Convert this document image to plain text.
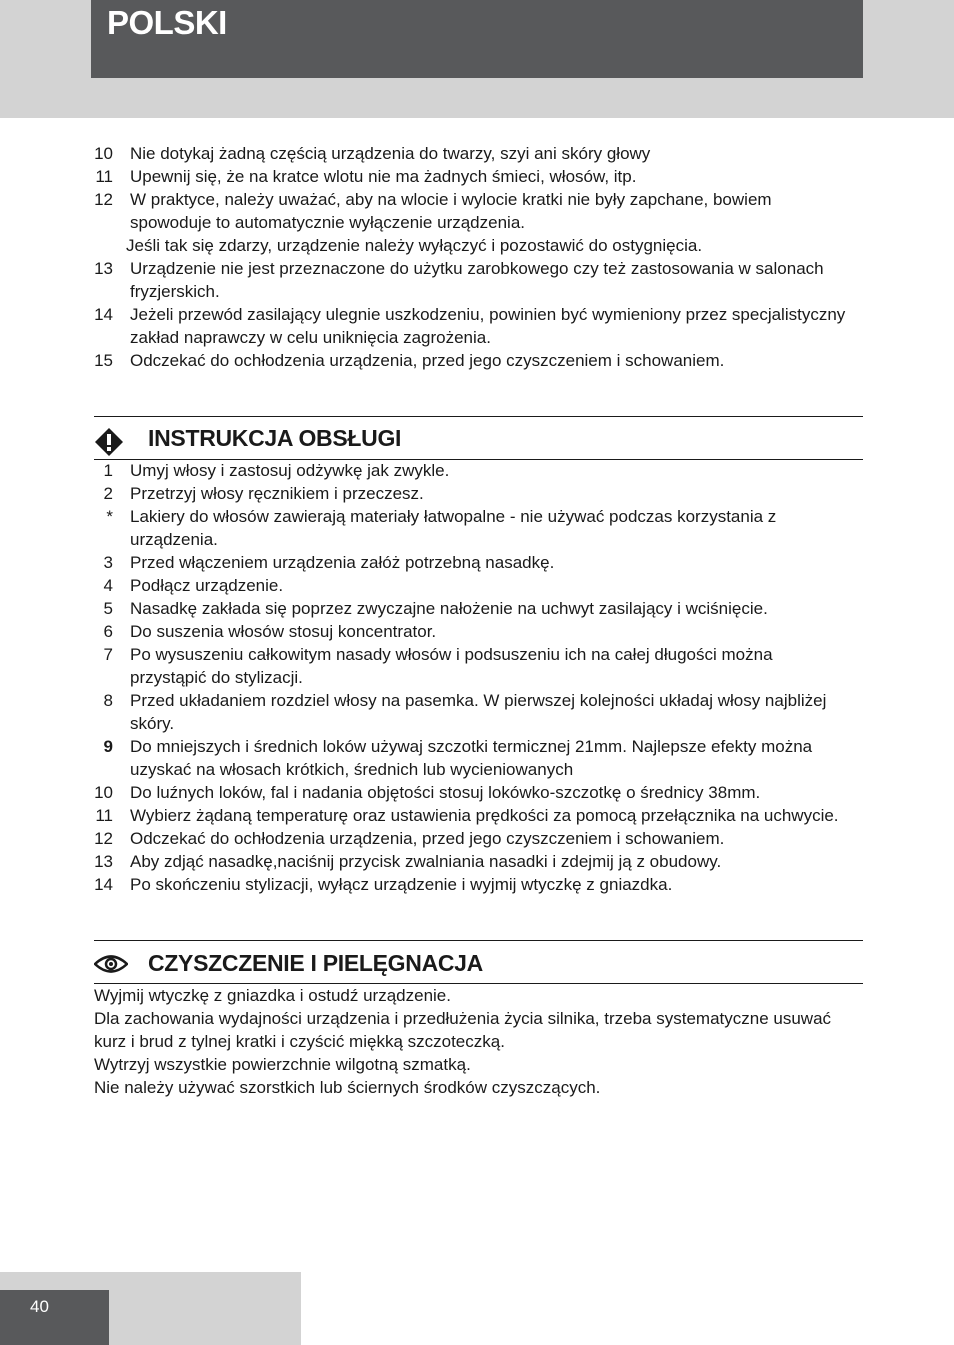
POLSKI
10 Nie dotykaj żadną częścią urządzenia do twarzy, szyi ani skóry głowy
11 Upewnij się, że na kratce wlotu nie ma żadnych śmieci, włosów, itp.
12 W praktyce, należy uważać, aby na wlocie i wylocie kratki nie były zapchane, bowiem spowoduje to automatycznie wyłączenie urządzenia.
Jeśli tak się zdarzy, urządzenie należy wyłączyć i pozostawić do ostygnięcia.
13 Urządzenie nie jest przeznaczone do użytku zarobkowego czy też zastosowania w salonach fryzjerskich.
14 Jeżeli przewód zasilający ulegnie uszkodzeniu, powinien być wymieniony przez specjalistyczny zakład naprawczy w celu uniknięcia zagrożenia.
15 Odczekać do ochłodzenia urządzenia, przed jego czyszczeniem i schowaniem.
INSTRUKCJA OBSŁUGI
1 Umyj włosy i zastosuj odżywkę jak zwykle.
2 Przetrzyj włosy ręcznikiem i przeczesz.
* Lakiery do włosów zawierają materiały łatwopalne - nie używać podczas korzystania z urządzenia.
3 Przed włączeniem urządzenia załóż potrzebną nasadkę.
4 Podłącz urządzenie.
5 Nasadkę zakłada się poprzez zwyczajne nałożenie na uchwyt zasilający i wciśnięcie.
6 Do suszenia włosów stosuj koncentrator.
7 Po wysuszeniu całkowitym nasady włosów i podsuszeniu ich na całej długości można przystąpić do stylizacji.
8 Przed układaniem rozdziel włosy na pasemka. W pierwszej kolejności układaj włosy najbliżej skóry.
9 Do mniejszych i średnich loków używaj szczotki termicznej 21mm. Najlepsze efekty można uzyskać na włosach krótkich, średnich lub wycieniowanych
10 Do luźnych loków, fal i nadania objętości stosuj lokówko-szczotkę o średnicy 38mm.
11 Wybierz żądaną temperaturę oraz ustawienia prędkości za pomocą przełącznika na uchwycie.
12 Odczekać do ochłodzenia urządzenia, przed jego czyszczeniem i schowaniem.
13 Aby zdjąć nasadkę,naciśnij przycisk zwalniania nasadki i zdejmij ją z obudowy.
14 Po skończeniu stylizacji, wyłącz urządzenie i wyjmij wtyczkę z gniazdka.
CZYSZCZENIE I PIELĘGNACJA
Wyjmij wtyczkę z gniazdka i ostudź urządzenie.
Dla zachowania wydajności urządzenia i przedłużenia życia silnika, trzeba systematyczne usuwać kurz i brud z tylnej kratki i czyścić miękką szczoteczką.
Wytrzyj wszystkie powierzchnie wilgotną szmatką.
Nie należy używać szorstkich lub ściernych środków czyszczących.
40
